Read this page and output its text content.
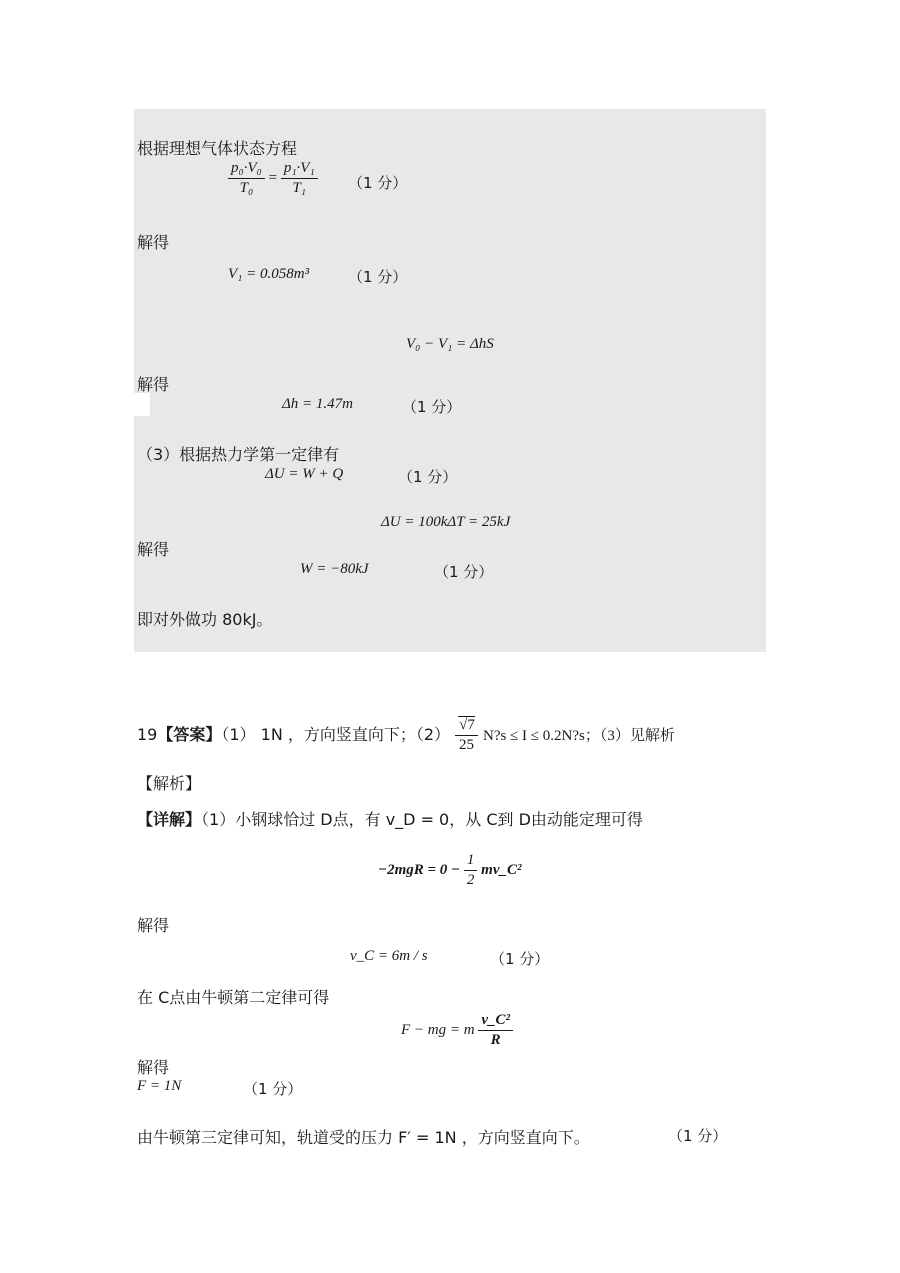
根据理想气体状态方程
$\frac{\text{p₀·V₀}}{\text{T₀}} = \frac{\text{p₁·V₁}}{\text{T₁}} (1$ 分）
解得
V₁ = 0.058m³	（1 分）
V₀ − V₁ = ΔhS
解得
Δh = 1.47m	（1 分）
（3）根据热力学第一定律有
ΔU = W + Q	（1 分）
ΔU = 100kΔT = 25kJ
解得
W = −80kJ	（1 分）
即对外做功 80kJ。
19【答案】（1） 1N ，方向竖直向下；$(2) \frac{√7}{25}$ N?s ≤ I ≤ 0.2N?s；（3）见解析
【解析】
【详解】（1）小钢球恰过 D点，有 v_D = 0，从 C到 D由动能定理可得
$-2mgR = 0 - \frac{1}{2}$ mv_C²
解得
v_C = 6m / s	（1 分）
在 C点由牛顿第二定律可得
F − mg = m $\frac{\text{v\_C²}}{R}$
解得
F = 1N	（1 分）
由牛顿第三定律可知，轨道受的压力 F′ = 1N ，方向竖直向下。	（1 分）
